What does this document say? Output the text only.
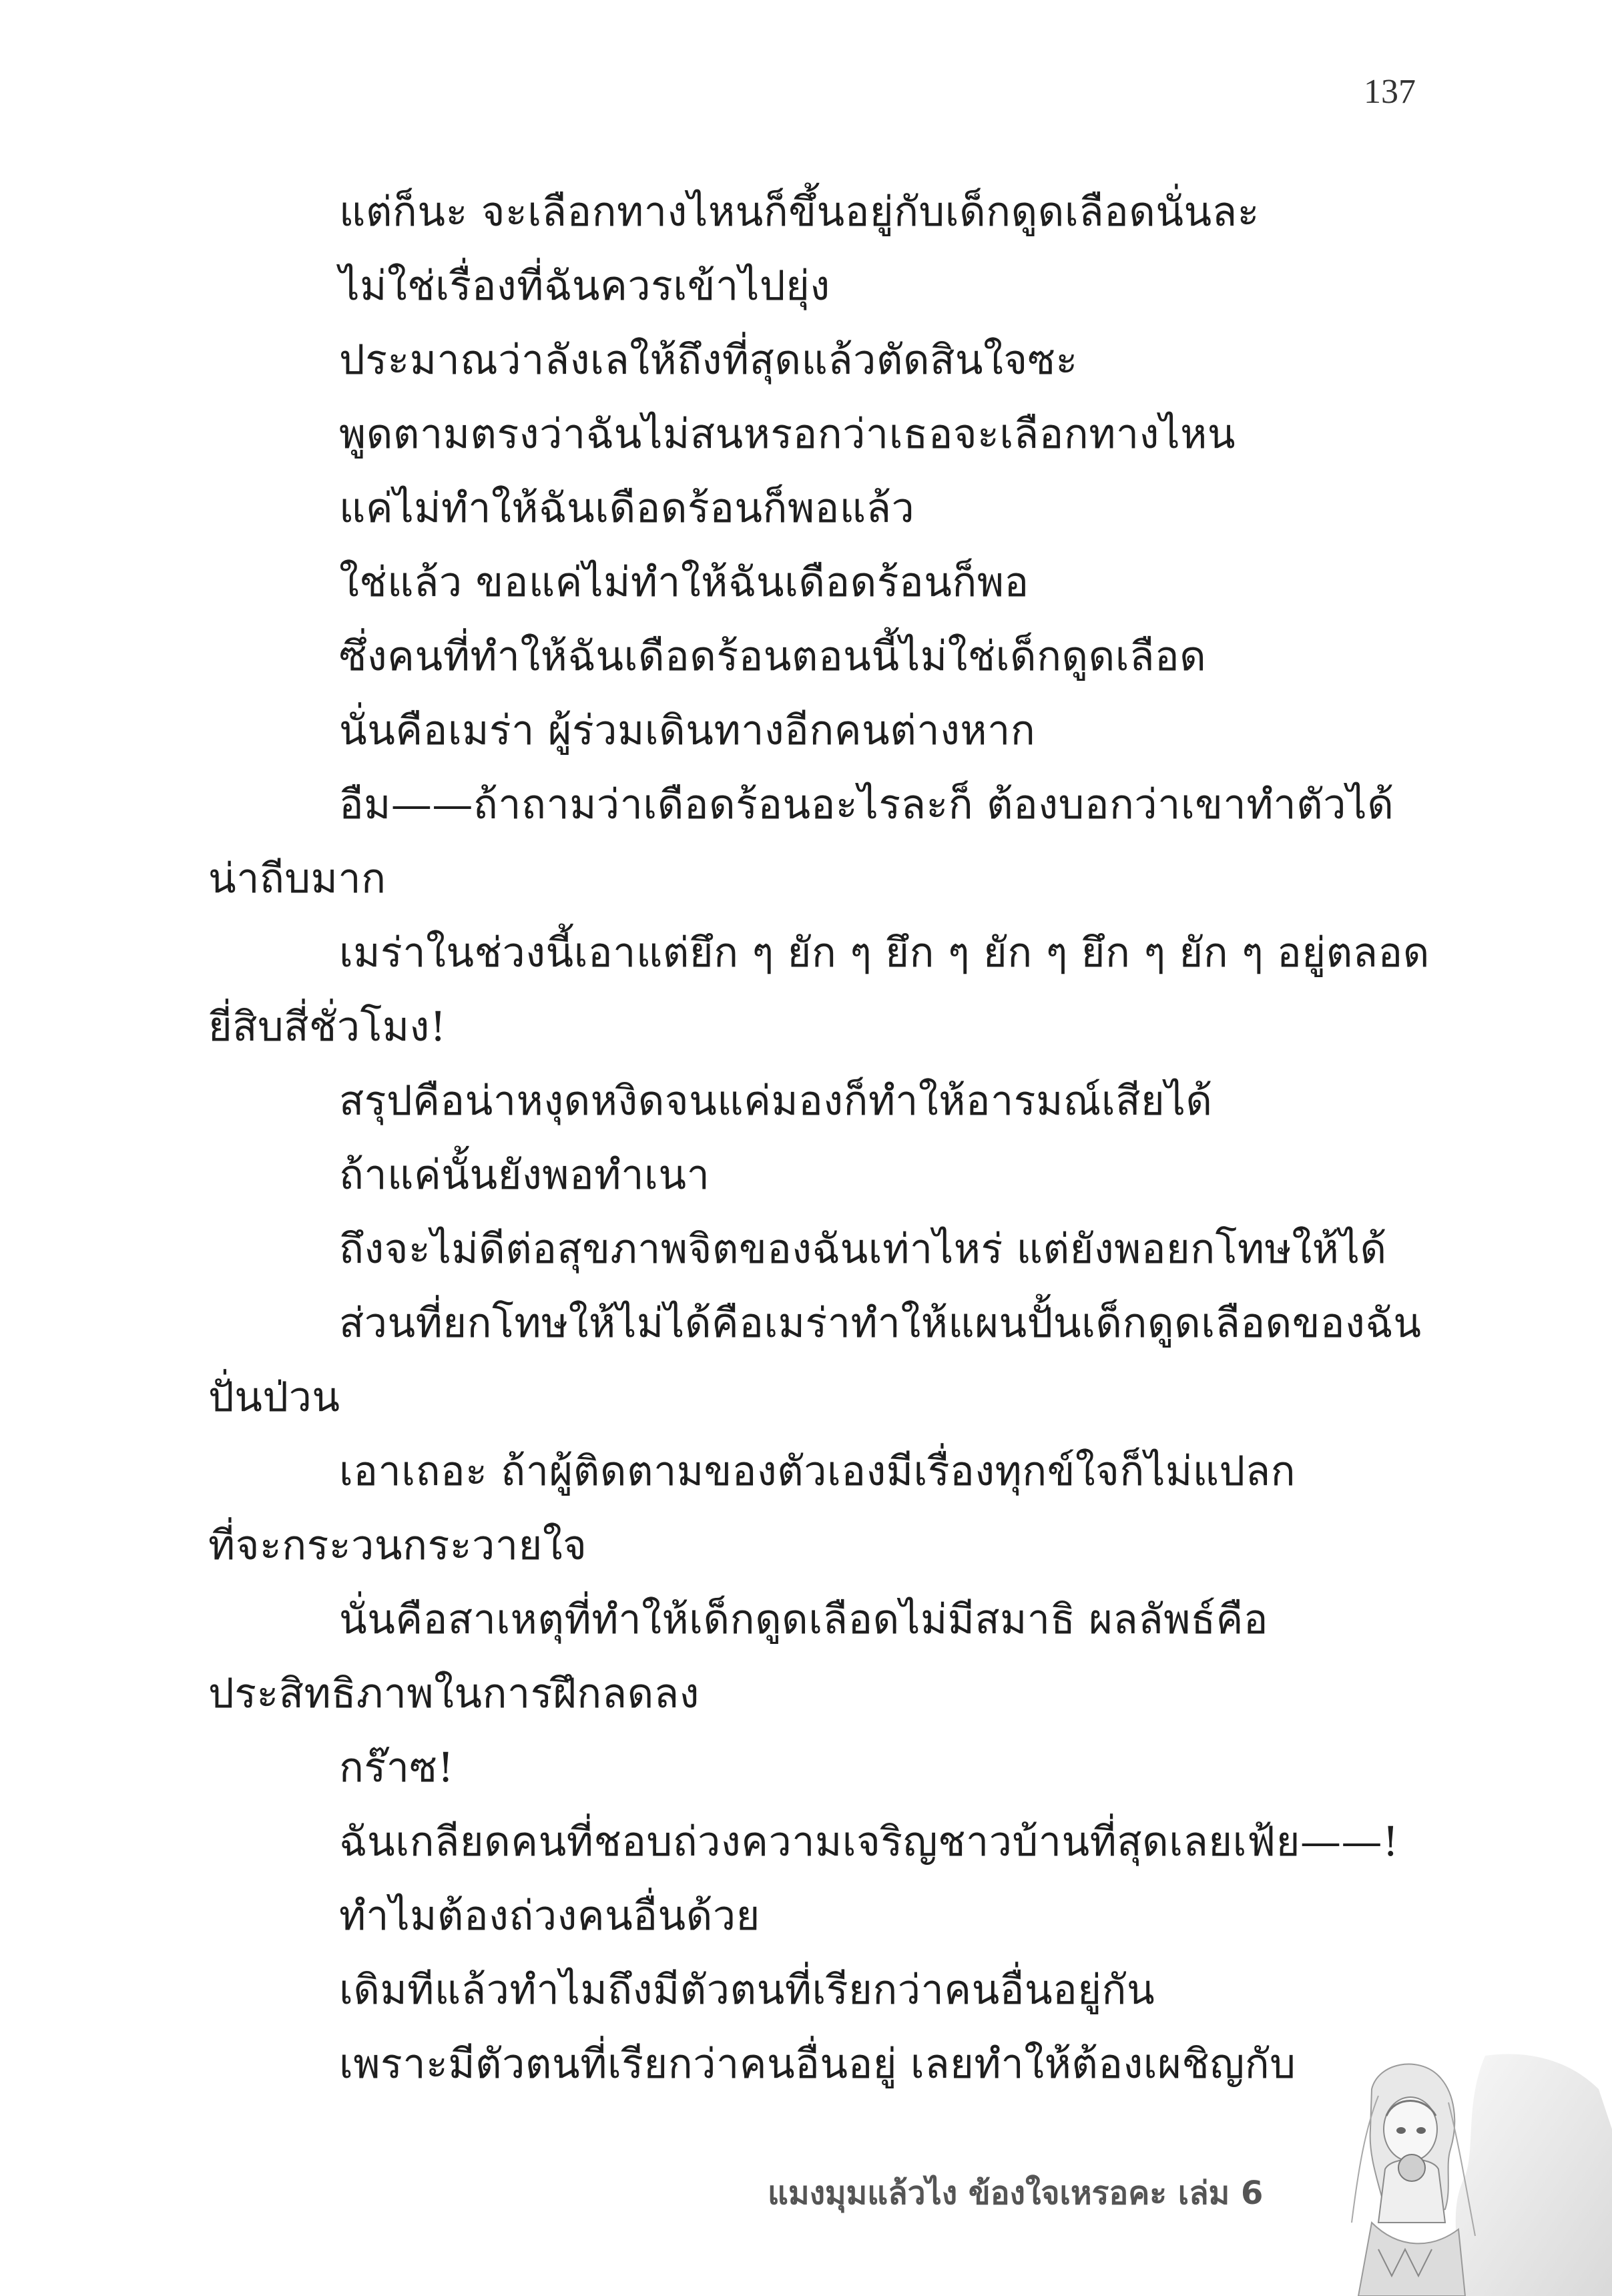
137
แต่ก็นะ จะเลือกทางไหนก็ขึ้นอยู่กับเด็กดูดเลือดนั่นละ
ไม่ใช่เรื่องที่ฉันควรเข้าไปยุ่ง
ประมาณว่าลังเลให้ถึงที่สุดแล้วตัดสินใจซะ
พูดตามตรงว่าฉันไม่สนหรอกว่าเธอจะเลือกทางไหน
แค่ไม่ทำให้ฉันเดือดร้อนก็พอแล้ว
ใช่แล้ว ขอแค่ไม่ทำให้ฉันเดือดร้อนก็พอ
ซึ่งคนที่ทำให้ฉันเดือดร้อนตอนนี้ไม่ใช่เด็กดูดเลือด
นั่นคือเมร่า ผู้ร่วมเดินทางอีกคนต่างหาก
อืม——ถ้าถามว่าเดือดร้อนอะไรละก็ ต้องบอกว่าเขาทำตัวได้
น่าถีบมาก
เมร่าในช่วงนี้เอาแต่ยึก ๆ ยัก ๆ ยึก ๆ ยัก ๆ ยึก ๆ ยัก ๆ อยู่ตลอด
ยี่สิบสี่ชั่วโมง!
สรุปคือน่าหงุดหงิดจนแค่มองก็ทำให้อารมณ์เสียได้
ถ้าแค่นั้นยังพอทำเนา
ถึงจะไม่ดีต่อสุขภาพจิตของฉันเท่าไหร่ แต่ยังพอยกโทษให้ได้
ส่วนที่ยกโทษให้ไม่ได้คือเมร่าทำให้แผนปั้นเด็กดูดเลือดของฉัน
ปั่นป่วน
เอาเถอะ ถ้าผู้ติดตามของตัวเองมีเรื่องทุกข์ใจก็ไม่แปลก
ที่จะกระวนกระวายใจ
นั่นคือสาเหตุที่ทำให้เด็กดูดเลือดไม่มีสมาธิ ผลลัพธ์คือ
ประสิทธิภาพในการฝึกลดลง
กร๊าซ!
ฉันเกลียดคนที่ชอบถ่วงความเจริญชาวบ้านที่สุดเลยเฟ้ย——!
ทำไมต้องถ่วงคนอื่นด้วย
เดิมทีแล้วทำไมถึงมีตัวตนที่เรียกว่าคนอื่นอยู่กัน
เพราะมีตัวตนที่เรียกว่าคนอื่นอยู่ เลยทำให้ต้องเผชิญกับ
แมงมุมแล้วไง ข้องใจเหรอคะ เล่ม 6
